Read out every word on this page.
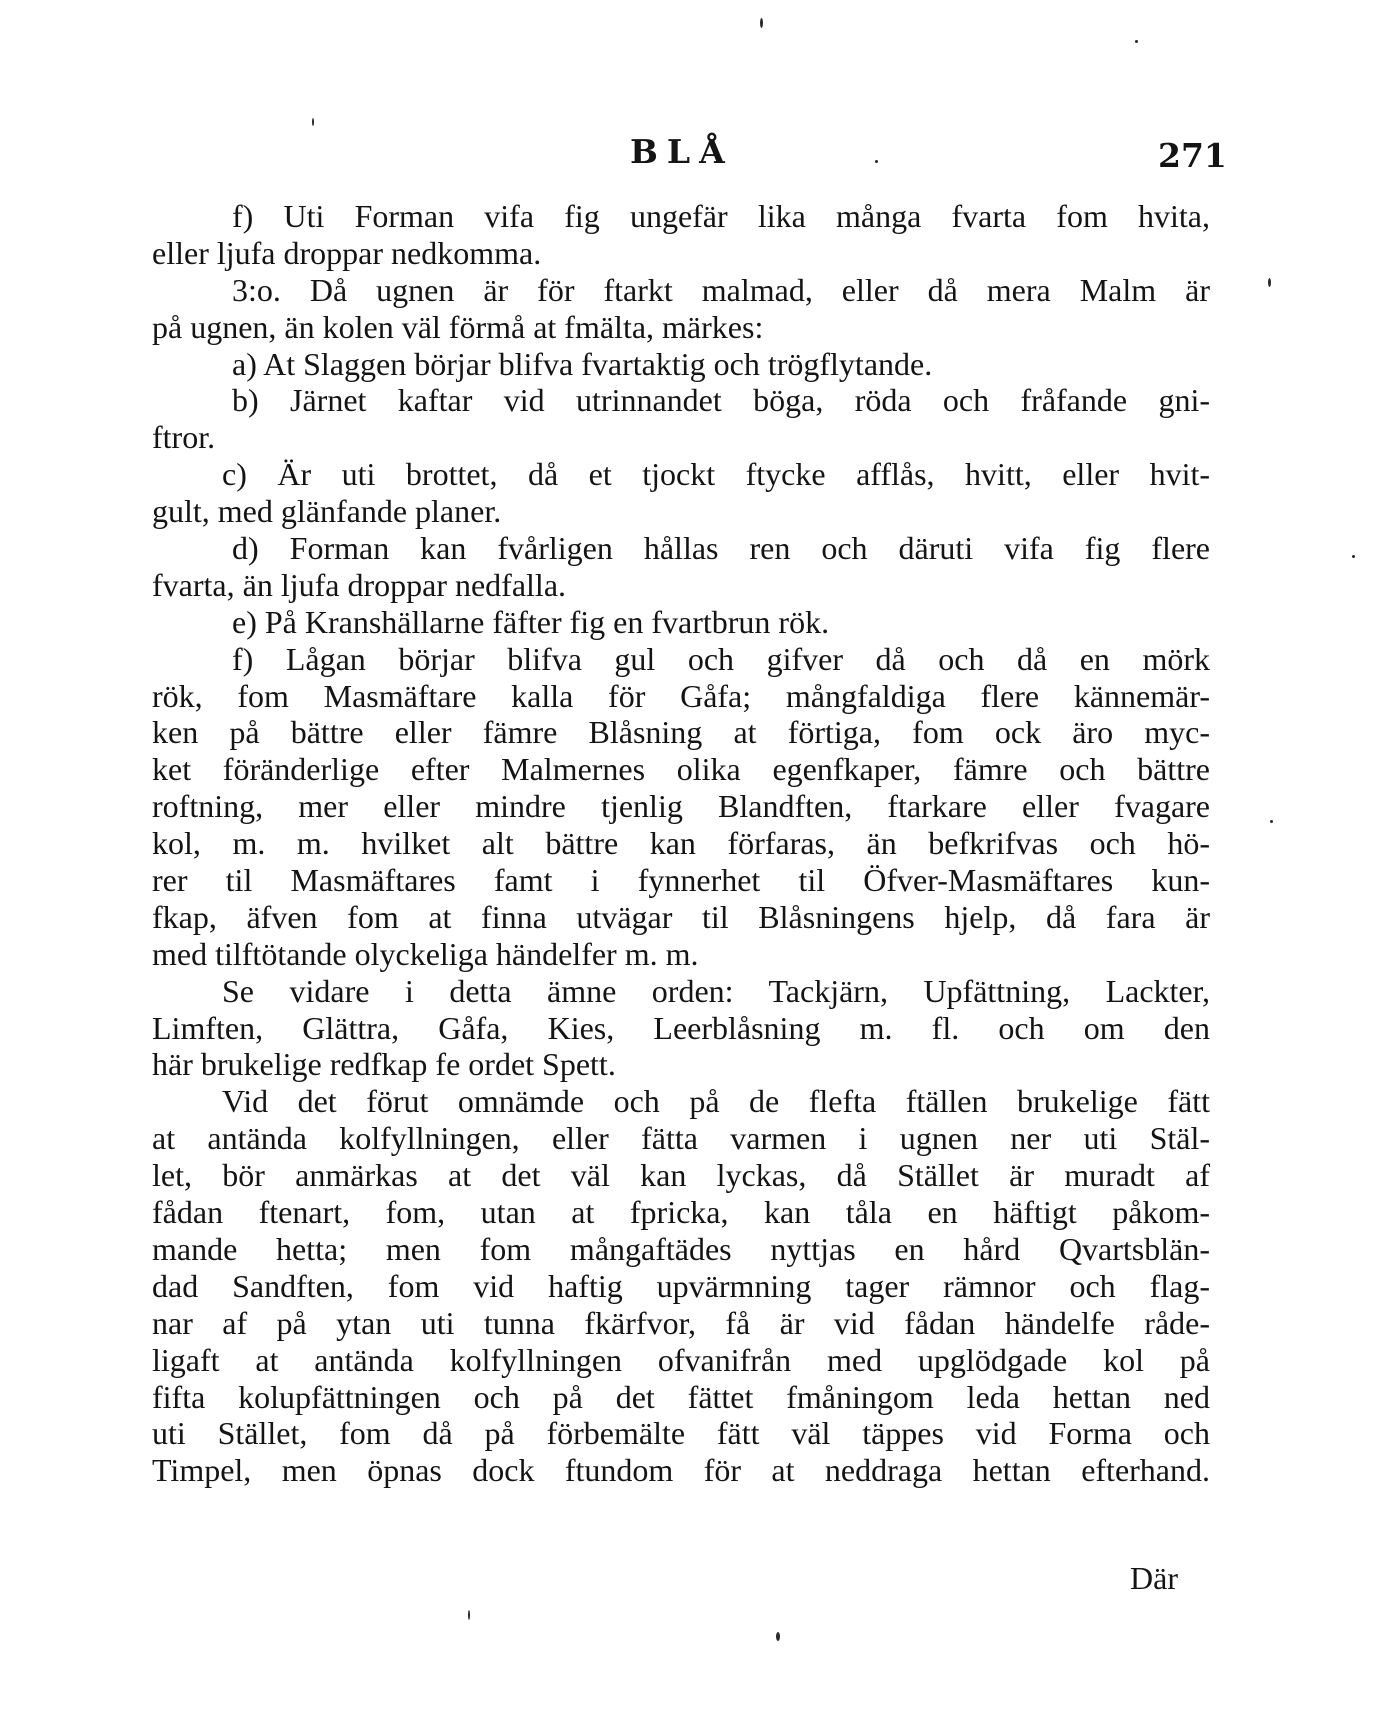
BLÅ	271
f) Uti Forman vifa fig ungefär lika många fvarta fom hvita,
eller ljufa droppar nedkomma.
3:o. Då ugnen är för ftarkt malmad, eller då mera Malm är
på ugnen, än kolen väl förmå at fmälta, märkes:
a) At Slaggen börjar blifva fvartaktig och trögflytande.
b) Järnet kaftar vid utrinnandet böga, röda och fråfande gni-
ftror.
c) Är uti brottet, då et tjockt ftycke afflås, hvitt, eller hvit-
gult, med glänfande planer.
d) Forman kan fvårligen hållas ren och däruti vifa fig flere
fvarta, än ljufa droppar nedfalla.
e) På Kranshällarne fäfter fig en fvartbrun rök.
f) Lågan börjar blifva gul och gifver då och då en mörk
rök, fom Masmäftare kalla för Gåfa; mångfaldiga flere kännemär-
ken på bättre eller fämre Blåsning at förtiga, fom ock äro myc-
ket föränderlige efter Malmernes olika egenfkaper, fämre och bättre
roftning, mer eller mindre tjenlig Blandften, ftarkare eller fvagare
kol, m. m. hvilket alt bättre kan förfaras, än befkrifvas och hö-
rer til Masmäftares famt i fynnerhet til Öfver-Masmäftares kun-
fkap, äfven fom at finna utvägar til Blåsningens hjelp, då fara är
med tilftötande olyckeliga händelfer m. m.
Se vidare i detta ämne orden: Tackjärn, Upfättning, Lackter,
Limften, Glättra, Gåfa, Kies, Leerblåsning m. fl. och om den
här brukelige redfkap fe ordet Spett.
Vid det förut omnämde och på de flefta ftällen brukelige fätt
at antända kolfyllningen, eller fätta varmen i ugnen ner uti Stäl-
let, bör anmärkas at det väl kan lyckas, då Stället är muradt af
fådan ftenart, fom, utan at fpricka, kan tåla en häftigt påkom-
mande hetta; men fom mångaftädes nyttjas en hård Qvartsblän-
dad Sandften, fom vid haftig upvärmning tager rämnor och flag-
nar af på ytan uti tunna fkärfvor, få är vid fådan händelfe råde-
ligaft at antända kolfyllningen ofvanifrån med upglödgade kol på
fifta kolupfättningen och på det fättet fmåningom leda hettan ned
uti Stället, fom då på förbemälte fätt väl täppes vid Forma och
Timpel, men öpnas dock ftundom för at neddraga hettan efterhand.
Där
